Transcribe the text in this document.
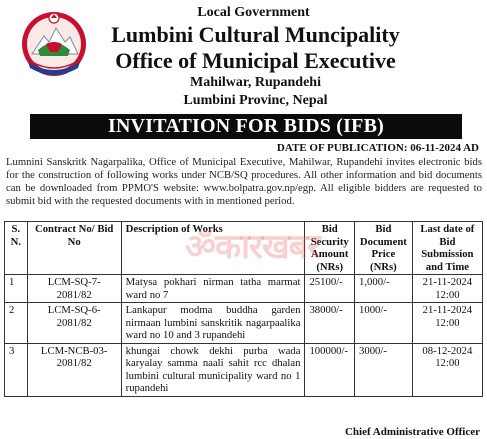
Local Government
Lumbini Cultural Muncipality
Office of Municipal Executive
Mahilwar, Rupandehi
Lumbini Provinc, Nepal
INVITATION FOR BIDS (IFB)
DATE OF PUBLICATION: 06-11-2024 AD
Lumnini Sanskritk Nagarpalika, Office of Municipal Executive, Mahilwar, Rupandehi invites electronic bids for the construction of following works under NCB/SQ procedures. All other information and bid documents can be downloaded from PPMO'S website: www.bolpatra.gov.np/egp. All eligible bidders are requested to submit bid with the requested documents with in mentioned period.
S. N.	Contract No/ Bid No	Description of Works	Bid Security Amount (NRs)	Bid Document Price (NRs)	Last date of Bid Submission and Time
1	LCM-SQ-7-2081/82	Matysa pokhari nirman tatha marmat ward no 7	25100/-	1,000/-	21-11-2024
12:00

2	LCM-SQ-6-2081/82	Lankapur modma buddha garden nirmaan lumbini sanskritik nagarpaalika ward no 10 and 3 rupandehi	38000/-	1000/-	21-11-2024
12:00

3	LCM-NCB-03-2081/82	khungai chowk dekhi purba wada karyalay samma naali sahit rcc dhalan lumbini cultural municipality ward no 1 rupandehi	100000/-	3000/-	08-12-2024
12:00
ॐकारखबर
Chief Administrative Officer
